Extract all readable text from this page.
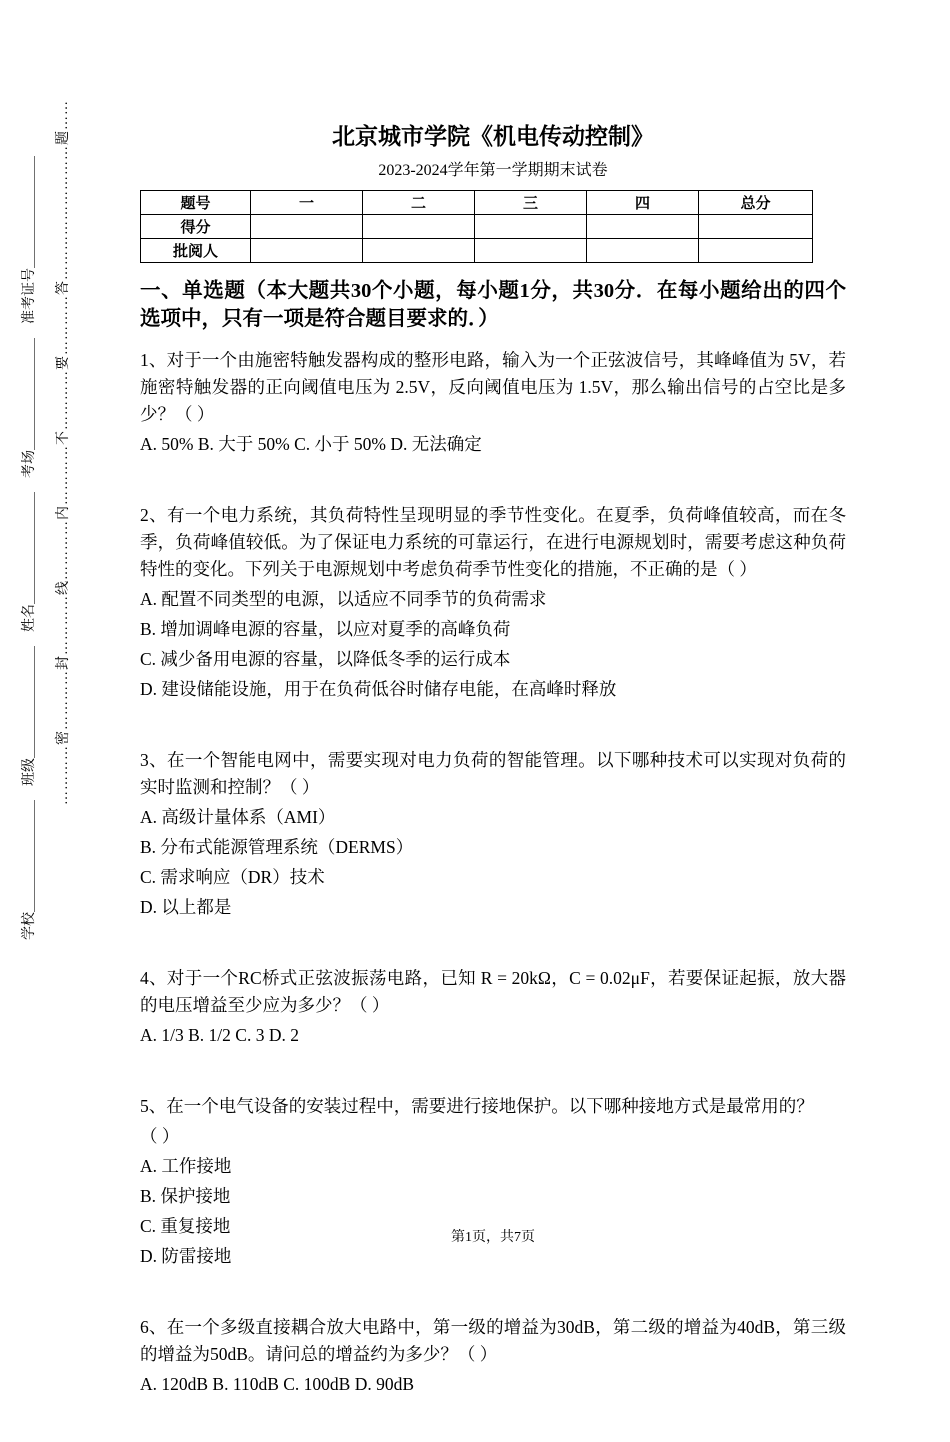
学校＿＿＿＿＿＿＿＿　班级＿＿＿＿＿＿＿＿　姓名＿＿＿＿＿＿＿＿　考场＿＿＿＿＿＿＿＿　准考证号＿＿＿＿＿＿＿＿ …………密…………封…………线…………内…………不…………要…………答………………………题……	北京城市学院《机电传动控制》
2023-2024学年第一学期期末试卷
题号	一	二	三	四	总分
得分					
批阅人					
一、单选题（本大题共30个小题，每小题1分，共30分．在每小题给出的四个选项中，只有一项是符合题目要求的．）
1、对于一个由施密特触发器构成的整形电路，输入为一个正弦波信号，其峰峰值为 5V，若施密特触发器的正向阈值电压为 2.5V，反向阈值电压为 1.5V，那么输出信号的占空比是多少？（ ）
A. 50% B. 大于 50% C. 小于 50% D. 无法确定
2、有一个电力系统，其负荷特性呈现明显的季节性变化。在夏季，负荷峰值较高，而在冬季，负荷峰值较低。为了保证电力系统的可靠运行，在进行电源规划时，需要考虑这种负荷特性的变化。下列关于电源规划中考虑负荷季节性变化的措施，不正确的是（ ）
A. 配置不同类型的电源，以适应不同季节的负荷需求
B. 增加调峰电源的容量，以应对夏季的高峰负荷
C. 减少备用电源的容量，以降低冬季的运行成本
D. 建设储能设施，用于在负荷低谷时储存电能，在高峰时释放
3、在一个智能电网中，需要实现对电力负荷的智能管理。以下哪种技术可以实现对负荷的实时监测和控制？（ ）
A. 高级计量体系（AMI）
B. 分布式能源管理系统（DERMS）
C. 需求响应（DR）技术
D. 以上都是
4、对于一个RC桥式正弦波振荡电路，已知 R = 20kΩ，C = 0.02μF，若要保证起振，放大器的电压增益至少应为多少？（ ）
A. 1/3 B. 1/2 C. 3 D. 2
5、在一个电气设备的安装过程中，需要进行接地保护。以下哪种接地方式是最常用的？
（ ）
A. 工作接地
B. 保护接地
C. 重复接地
D. 防雷接地
6、在一个多级直接耦合放大电路中，第一级的增益为30dB，第二级的增益为40dB，第三级的增益为50dB。请问总的增益约为多少？（ ）
A. 120dB B. 110dB C. 100dB D. 90dB
第1页，共7页
